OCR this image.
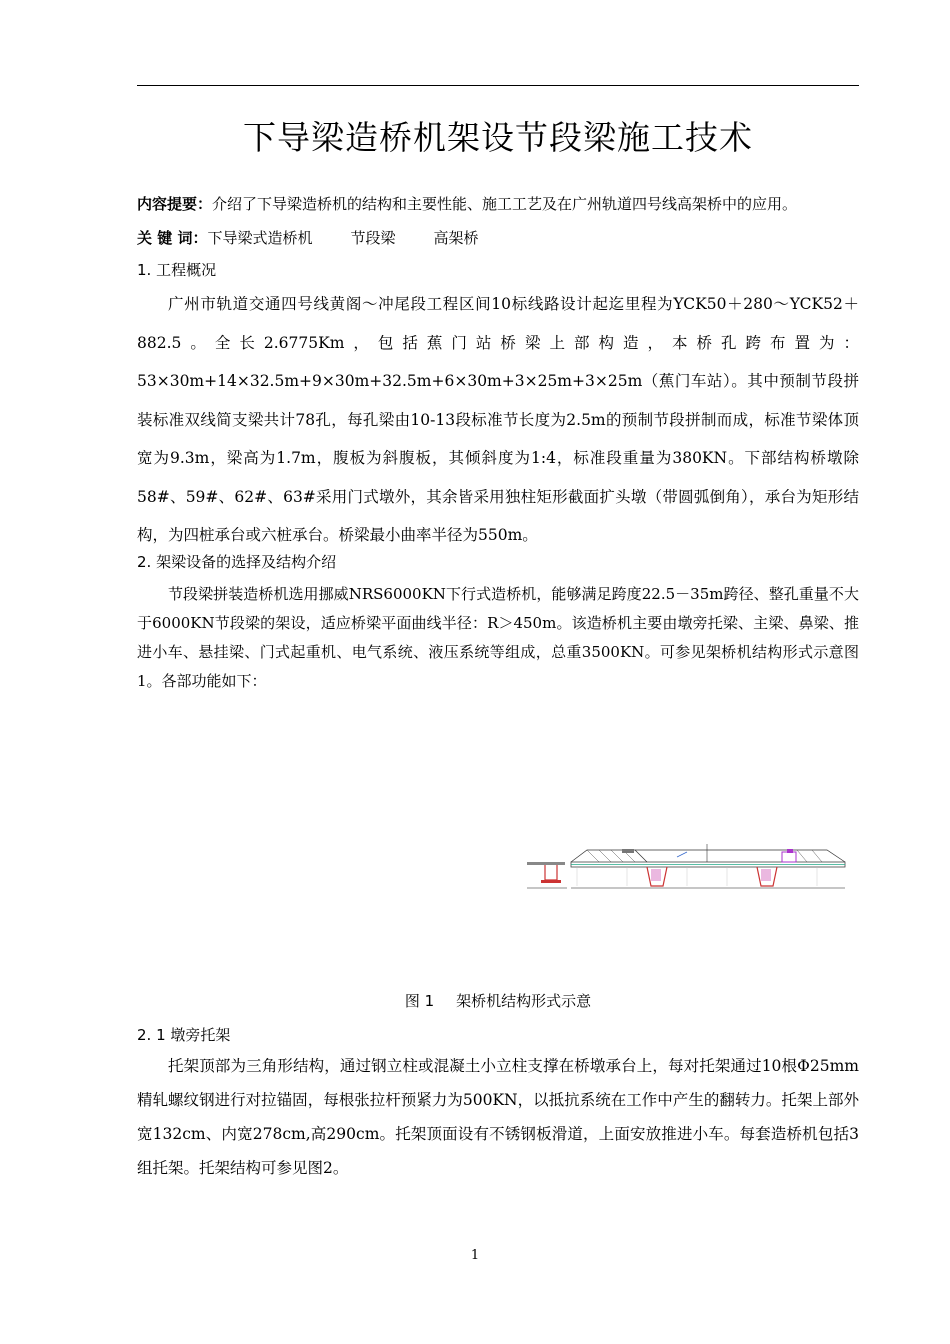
下导梁造桥机架设节段梁施工技术
内容提要：介绍了下导梁造桥机的结构和主要性能、施工工艺及在广州轨道四号线高架桥中的应用。
关 键 词：下导梁式造桥机	节段梁	高架桥
1. 工程概况

广州市轨道交通四号线黄阁～冲尾段工程区间10标线路设计起迄里程为YCK50＋280～YCK52＋882.5。全长2.6775Km，包括蕉门站桥梁上部构造，本桥孔跨布置为：53×30m+14×32.5m+9×30m+32.5m+6×30m+3×25m+3×25m（蕉门车站）。其中预制节段拼装标准双线简支梁共计78孔，每孔梁由10-13段标准节长度为2.5m的预制节段拼制而成，标准节梁体顶宽为9.3m，梁高为1.7m，腹板为斜腹板，其倾斜度为1:4，标准段重量为380KN。下部结构桥墩除58#、59#、62#、63#采用门式墩外，其余皆采用独柱矩形截面扩头墩（带圆弧倒角），承台为矩形结构，为四桩承台或六桩承台。桥梁最小曲率半径为550m。

2. 架梁设备的选择及结构介绍

节段梁拼装造桥机选用挪威NRS6000KN下行式造桥机，能够满足跨度22.5－35m跨径、整孔重量不大于6000KN节段梁的架设，适应桥梁平面曲线半径：R＞450m。该造桥机主要由墩旁托梁、主梁、鼻梁、推进小车、悬挂梁、门式起重机、电气系统、液压系统等组成，总重3500KN。可参见架桥机结构形式示意图1。各部功能如下：

图 1 架桥机结构形式示意
2. 1 墩旁托架

托架顶部为三角形结构，通过钢立柱或混凝土小立柱支撑在桥墩承台上，每对托架通过10根Φ25mm精轧螺纹钢进行对拉锚固，每根张拉杆预紧力为500KN，以抵抗系统在工作中产生的翻转力。托架上部外宽132cm、内宽278cm,高290cm。托架顶面设有不锈钢板滑道，上面安放推进小车。每套造桥机包括3组托架。托架结构可参见图2。

1
